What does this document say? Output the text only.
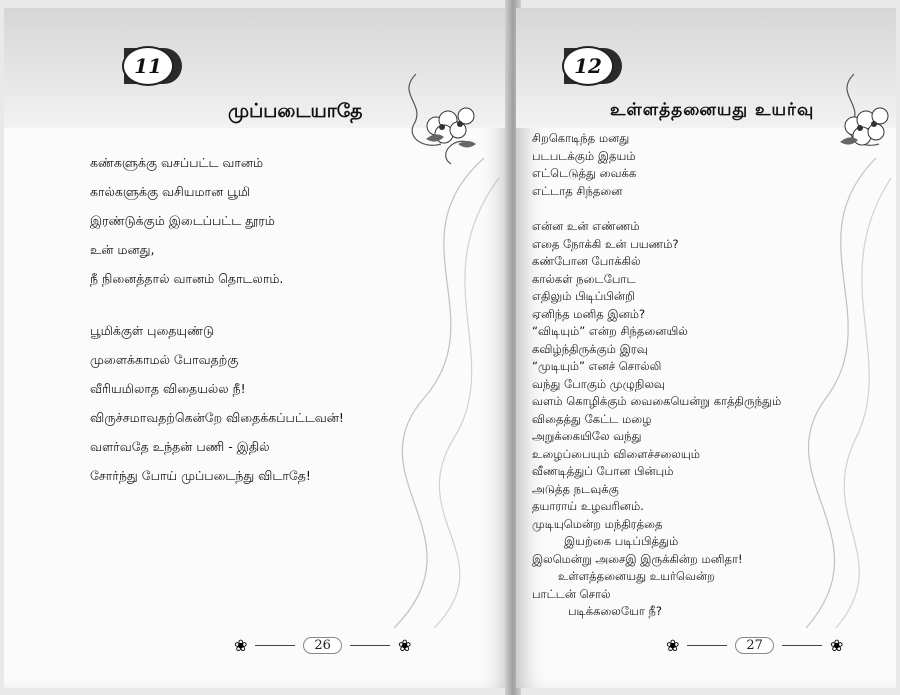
11
முப்படையாதே
கண்களுக்கு வசப்பட்ட வானம்
கால்களுக்கு வசியமான பூமி
இரண்டுக்கும் இடைப்பட்ட தூரம்
உன் மனது,
நீ நினைத்தால் வானம் தொடலாம்.
பூமிக்குள் புதையுண்டு
முளைக்காமல் போவதற்கு
வீரியமிலாத விதையல்ல நீ!
விருச்சமாவதற்கென்றே விதைக்கப்பட்டவன்!
வளர்வதே உந்தன் பணி - இதில்
சோர்ந்து போய் முப்படைந்து விடாதே!
❀	26	❀
12
உள்ளத்தனையது உயர்வு
சிறகொடிந்த மனது
படபடக்கும் இதயம்
எட்டெடுத்து வைக்க
எட்டாத சிந்தனை
என்ன உன் எண்ணம்
எதை நோக்கி உன் பயணம்?
கண்போன போக்கில்
கால்கள் நடைபோட
எதிலும் பிடிப்பின்றி
ஏனிந்த மனித இனம்?
“விடியும்” என்ற சிந்தனையில்
கவிழ்ந்திருக்கும் இரவு
“முடியும்” எனச் சொல்லி
வந்து போகும் முழுநிலவு
வளம் கொழிக்கும் வைகையென்று காத்திருந்தும்
விதைத்து கேட்ட மழை
அறுக்கையிலே வந்து
உழைப்பையும் விளைச்சலையும்
வீணடித்துப் போன பின்பும்
அடுத்த நடவுக்கு
தயாராய் உழவரினம்.
முடியுமென்ற மந்திரத்தை
இயற்கை படிப்பித்தும்
இலமென்று அசைஇ இருக்கின்ற மனிதா!
உள்ளத்தனையது உயர்வென்ற
பாட்டன் சொல்
படிக்கலையோ நீ?
❀	27	❀
